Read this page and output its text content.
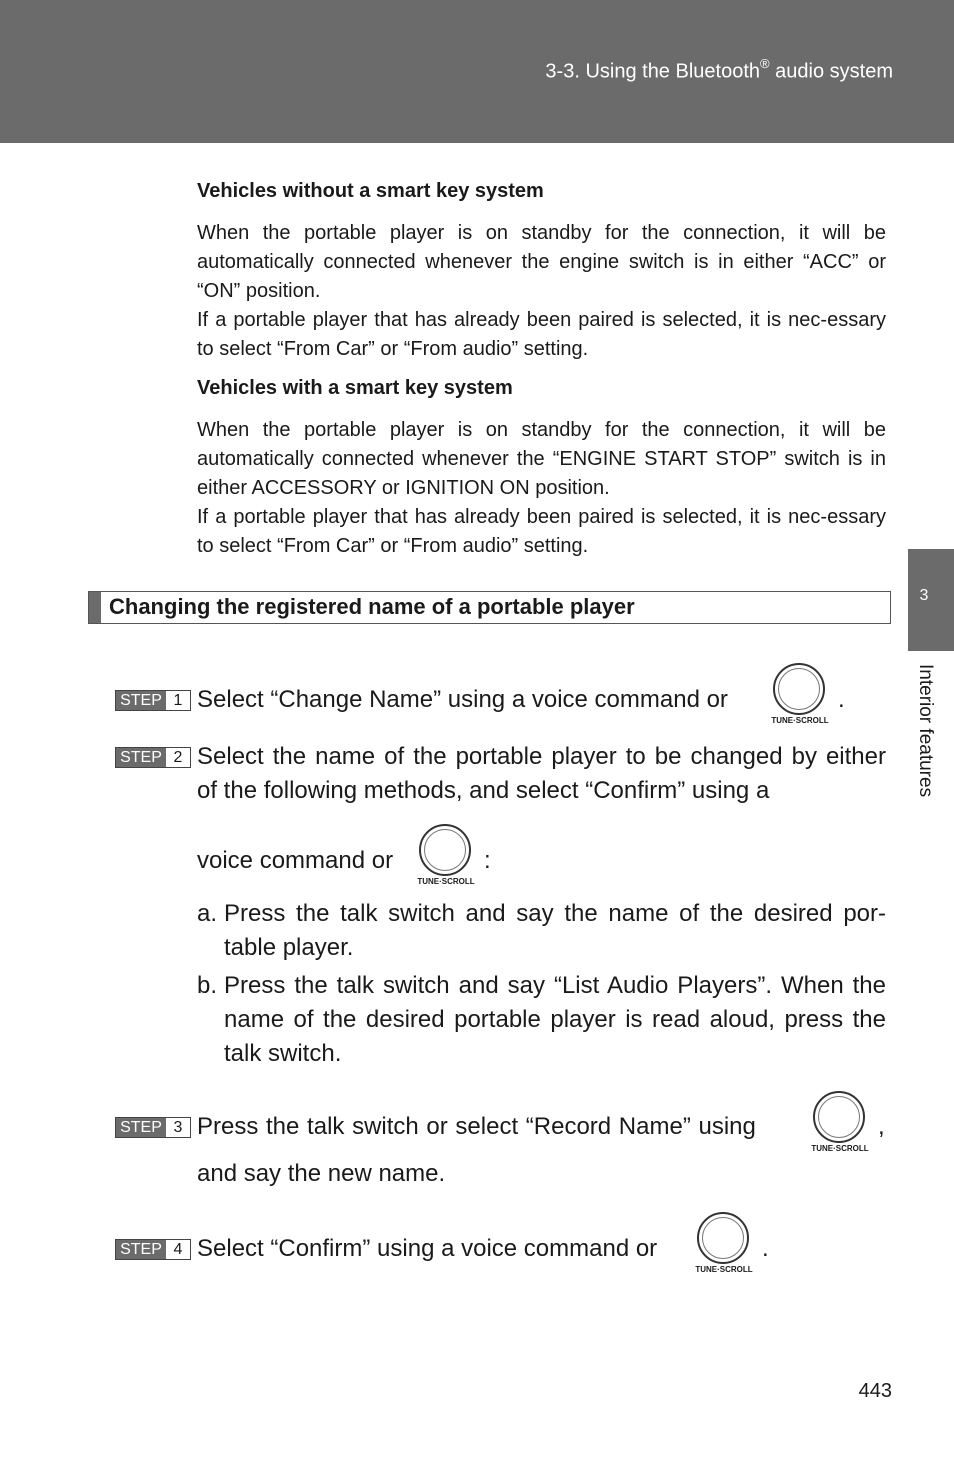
3-3. Using the Bluetooth® audio system
3
Interior features
Vehicles without a smart key system
When the portable player is on standby for the connection, it will be automatically connected whenever the engine switch is in either “ACC” or “ON” position.
If a portable player that has already been paired is selected, it is nec-essary to select “From Car” or “From audio” setting.
Vehicles with a smart key system
When the portable player is on standby for the connection, it will be automatically connected whenever the “ENGINE START STOP” switch is in either ACCESSORY or IGNITION ON position.
If a portable player that has already been paired is selected, it is nec-essary to select “From Car” or “From audio” setting.
Changing the registered name of a portable player
STEP 1 Select “Change Name” using a voice command or
TUNE·SCROLL
.
STEP 2 Select the name of the portable player to be changed by either of the following methods, and select “Confirm” using a
voice command or
TUNE·SCROLL
:
a. Press the talk switch and say the name of the desired por-table player.
b. Press the talk switch and say “List Audio Players”. When the name of the desired portable player is read aloud, press the talk switch.
STEP 3 Press the talk switch or select “Record Name” using
TUNE·SCROLL
,
and say the new name.
STEP 4 Select “Confirm” using a voice command or
TUNE·SCROLL
.
443
